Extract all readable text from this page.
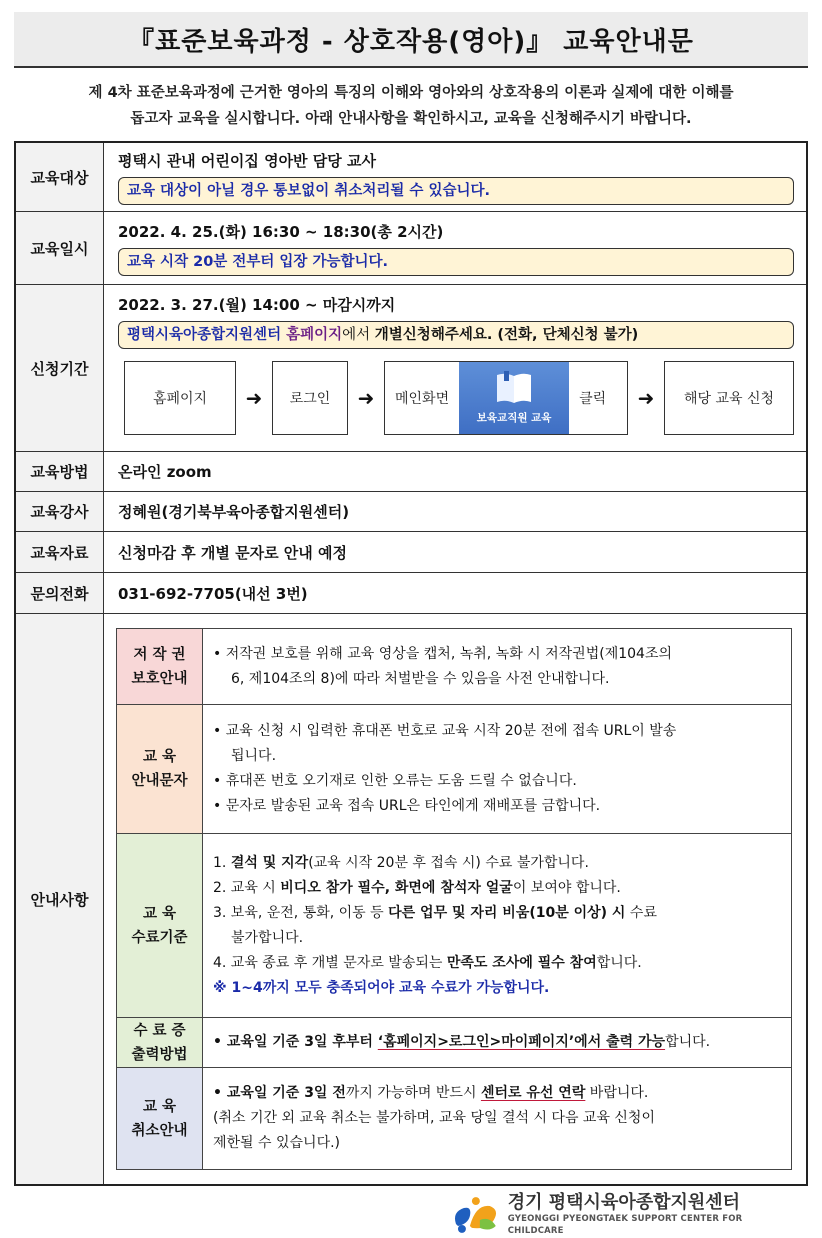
『표준보육과정 - 상호작용(영아)』 교육안내문
제 4차 표준보육과정에 근거한 영아의 특징의 이해와 영아와의 상호작용의 이론과 실제에 대한 이해를
돕고자 교육을 실시합니다. 아래 안내사항을 확인하시고, 교육을 신청해주시기 바랍니다.
교육대상	
평택시 관내 어린이집 영아반 담당 교사
교육 대상이 아닐 경우 통보없이 취소처리될 수 있습니다.

교육일시	
2022. 4. 25.(화) 16:30 ~ 18:30(총 2시간)
교육 시작 20분 전부터 입장 가능합니다.

신청기간	
2022. 3. 27.(월) 14:00 ~ 마감시까지
평택시육아종합지원센터 홈페이지에서 개별신청해주세요. (전화, 단체신청 불가)
홈페이지	➜	로그인	➜	메인화면
보육교직원 교육
클릭	➜	해당 교육 신청

교육방법	온라인 zoom
교육강사	정혜원(경기북부육아종합지원센터)
교육자료	신청마감 후 개별 문자로 안내 예정
문의전화	031-692-7705(내선 3번)
안내사항	
저 작 권
보호안내

• 저작권 보호를 위해 교육 영상을 캡처, 녹취, 녹화 시 저작권법(제104조의
6, 제104조의 8)에 따라 처벌받을 수 있음을 사전 안내합니다.

교 육
안내문자

• 교육 신청 시 입력한 휴대폰 번호로 교육 시작 20분 전에 접속 URL이 발송
됩니다.
• 휴대폰 번호 오기재로 인한 오류는 도움 드릴 수 없습니다.
• 문자로 발송된 교육 접속 URL은 타인에게 재배포를 금합니다.

교 육
수료기준

1. 결석 및 지각(교육 시작 20분 후 접속 시) 수료 불가합니다.
2. 교육 시 비디오 참가 필수, 화면에 참석자 얼굴이 보여야 합니다.
3. 보육, 운전, 통화, 이동 등 다른 업무 및 자리 비움(10분 이상) 시 수료
불가합니다.
4. 교육 종료 후 개별 문자로 발송되는 만족도 조사에 필수 참여합니다.
※ 1~4까지 모두 충족되어야 교육 수료가 가능합니다.

수 료 증
출력방법
	• 교육일 기준 3일 후부터 ‘홈페이지>로그인>마이페이지’에서 출력 가능합니다.

교 육
취소안내

• 교육일 기준 3일 전까지 가능하며 반드시 센터로 유선 연락 바랍니다.
(취소 기간 외 교육 취소는 불가하며, 교육 당일 결석 시 다음 교육 신청이
제한될 수 있습니다.)
경기 평택시육아종합지원센터
GYEONGGI PYEONGTAEK SUPPORT CENTER FOR CHILDCARE
